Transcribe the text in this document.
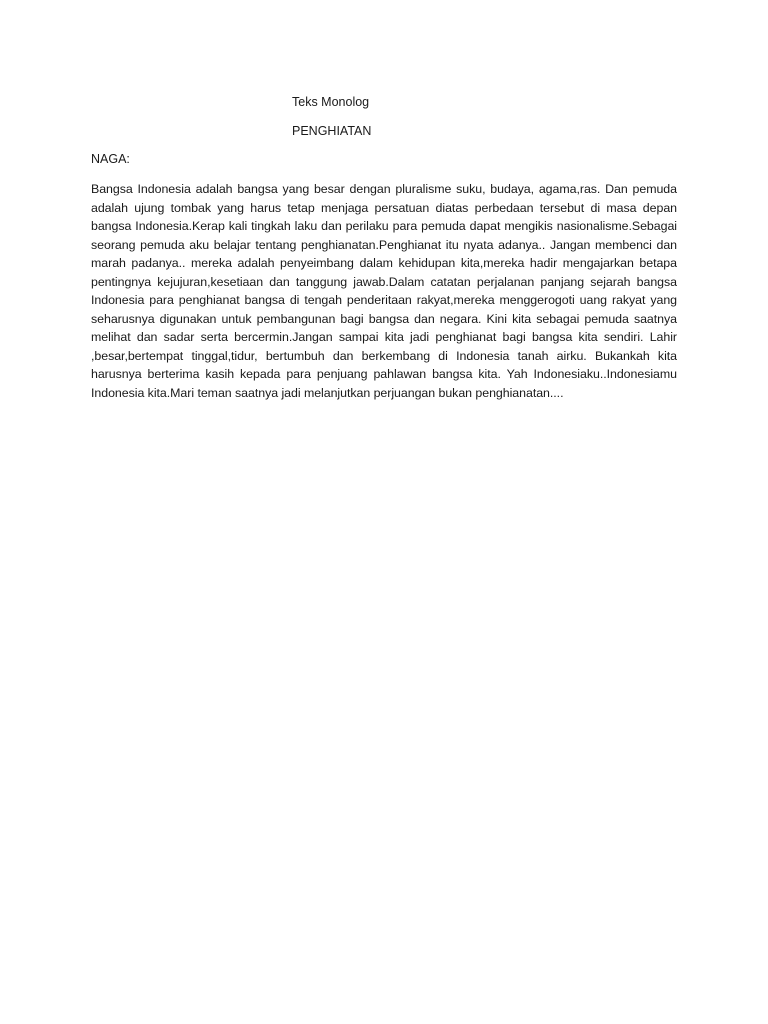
Teks Monolog

PENGHIATAN

NAGA:

Bangsa Indonesia adalah bangsa yang besar dengan pluralisme suku, budaya, agama,ras. Dan pemuda adalah ujung tombak yang harus tetap menjaga persatuan diatas perbedaan tersebut di masa depan bangsa Indonesia.Kerap kali tingkah laku dan perilaku para pemuda dapat mengikis nasionalisme.Sebagai seorang pemuda aku belajar tentang penghianatan.Penghianat itu nyata adanya.. Jangan membenci dan marah padanya.. mereka adalah penyeimbang dalam kehidupan kita,mereka hadir mengajarkan betapa pentingnya kejujuran,kesetiaan dan tanggung jawab.Dalam catatan perjalanan panjang sejarah bangsa Indonesia para penghianat bangsa di tengah penderitaan rakyat,mereka menggerogoti uang rakyat yang seharusnya digunakan untuk pembangunan bagi bangsa dan negara. Kini kita sebagai pemuda saatnya melihat dan sadar serta bercermin.Jangan sampai kita jadi penghianat bagi bangsa kita sendiri. Lahir ,besar,bertempat tinggal,tidur, bertumbuh dan berkembang di Indonesia tanah airku. Bukankah kita harusnya berterima kasih kepada para penjuang pahlawan bangsa kita. Yah Indonesiaku..Indonesiamu Indonesia kita.Mari teman saatnya jadi melanjutkan perjuangan bukan penghianatan....
